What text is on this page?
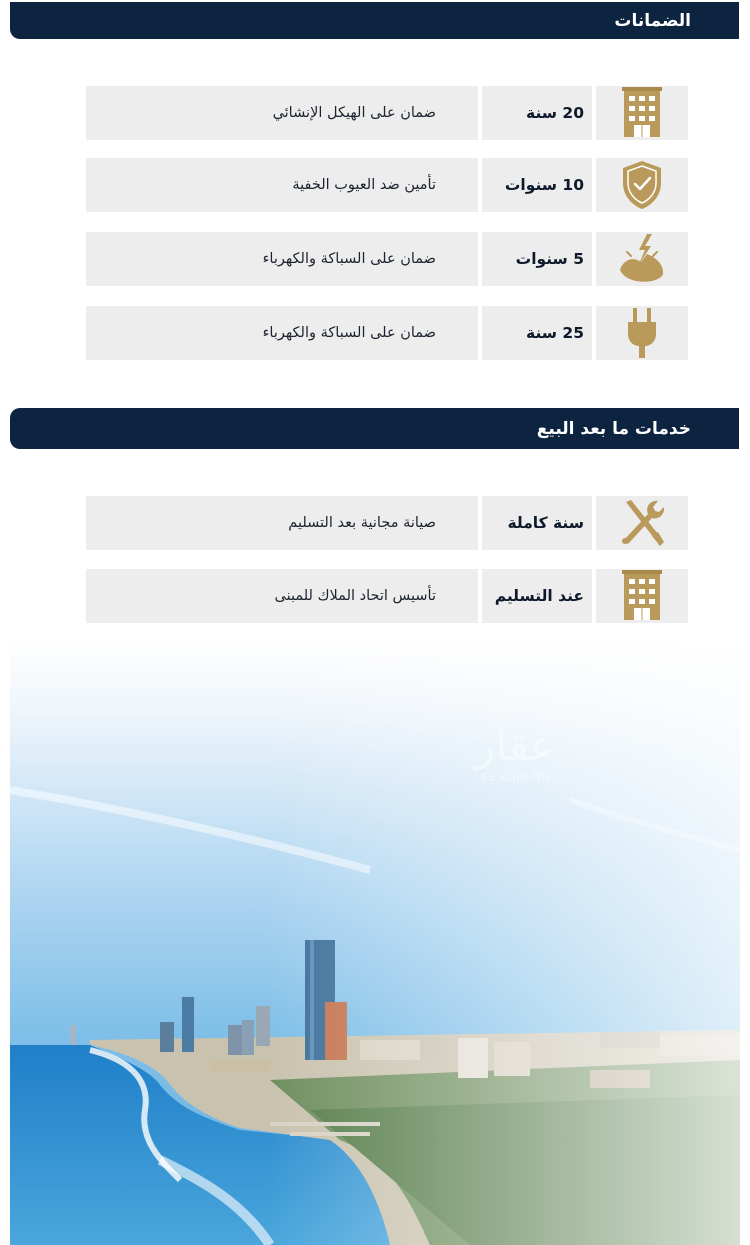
الضمانات
ضمان على الهيكل الإنشائي	20 سنة
تأمين ضد العيوب الخفية	10 سنوات
ضمان على السباكة والكهرباء	5 سنوات
ضمان على السباكة والكهرباء	25 سنة
خدمات ما بعد البيع
صيانة مجانية بعد التسليم	سنة كاملة
تأسيس اتحاد الملاك للمبنى	عند التسليم
عقار
sa.aqar.fm
